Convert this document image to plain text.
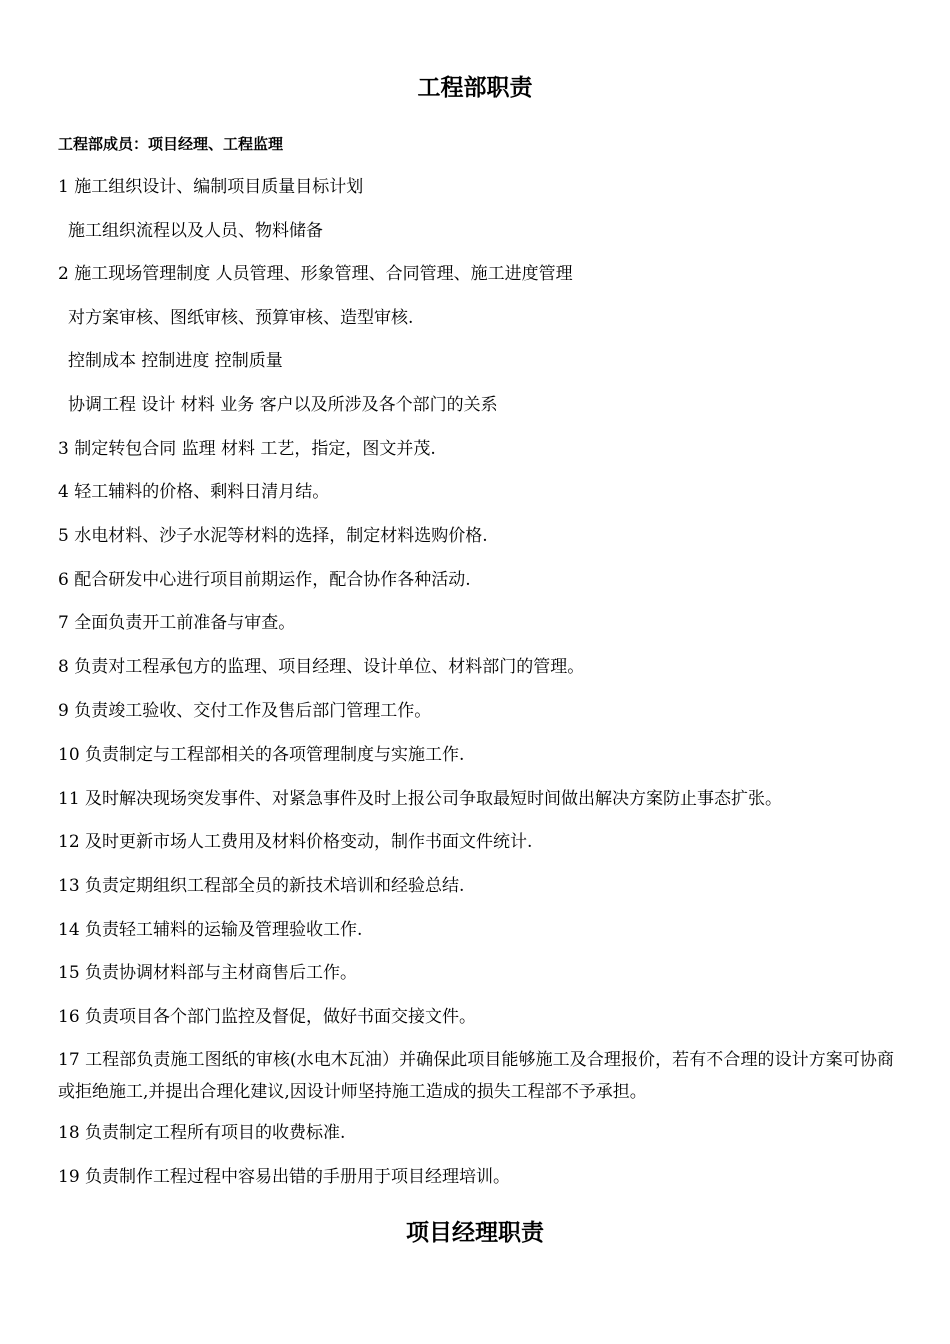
工程部职责
工程部成员：项目经理、工程监理
1 施工组织设计、编制项目质量目标计划
施工组织流程以及人员、物料储备
2 施工现场管理制度 人员管理、形象管理、合同管理、施工进度管理
对方案审核、图纸审核、预算审核、造型审核.
控制成本 控制进度 控制质量
协调工程 设计 材料 业务 客户以及所涉及各个部门的关系
3 制定转包合同 监理 材料 工艺，指定，图文并茂.
4 轻工辅料的价格、剩料日清月结。
5 水电材料、沙子水泥等材料的选择，制定材料选购价格.
6 配合研发中心进行项目前期运作，配合协作各种活动.
7 全面负责开工前准备与审查。
8 负责对工程承包方的监理、项目经理、设计单位、材料部门的管理。
9 负责竣工验收、交付工作及售后部门管理工作。
10 负责制定与工程部相关的各项管理制度与实施工作.
11 及时解决现场突发事件、对紧急事件及时上报公司争取最短时间做出解决方案防止事态扩张。
12 及时更新市场人工费用及材料价格变动，制作书面文件统计.
13 负责定期组织工程部全员的新技术培训和经验总结.
14 负责轻工辅料的运输及管理验收工作.
15 负责协调材料部与主材商售后工作。
16 负责项目各个部门监控及督促，做好书面交接文件。
17 工程部负责施工图纸的审核(水电木瓦油）并确保此项目能够施工及合理报价，若有不合理的设计方案可协商或拒绝施工,并提出合理化建议,因设计师坚持施工造成的损失工程部不予承担。
18 负责制定工程所有项目的收费标准.
19 负责制作工程过程中容易出错的手册用于项目经理培训。
项目经理职责
